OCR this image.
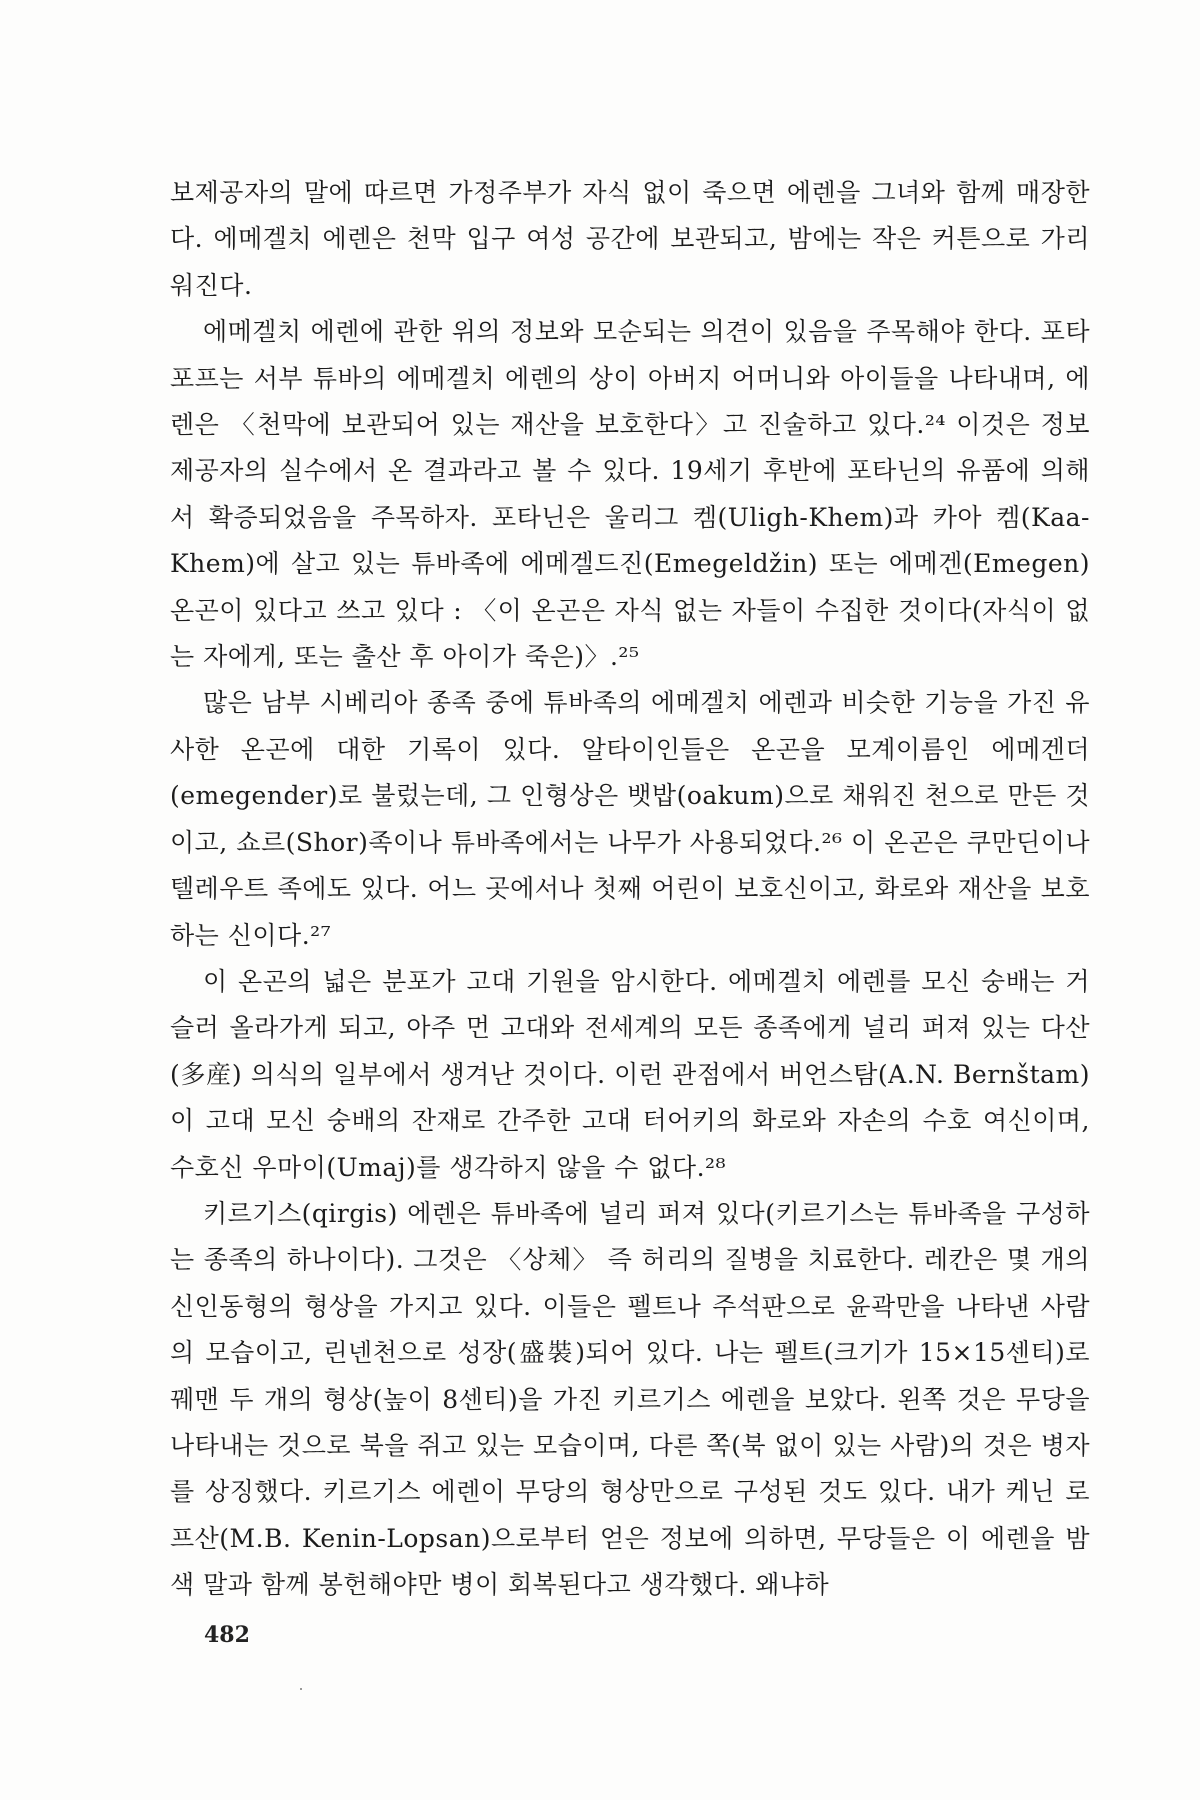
보제공자의 말에 따르면 가정주부가 자식 없이 죽으면 에렌을 그녀와 함께 매장한다. 에메겔치 에렌은 천막 입구 여성 공간에 보관되고, 밤에는 작은 커튼으로 가리워진다.

에메겔치 에렌에 관한 위의 정보와 모순되는 의견이 있음을 주목해야 한다. 포타포프는 서부 튜바의 에메겔치 에렌의 상이 아버지 어머니와 아이들을 나타내며, 에렌은 〈천막에 보관되어 있는 재산을 보호한다〉고 진술하고 있다.²⁴ 이것은 정보제공자의 실수에서 온 결과라고 볼 수 있다. 19세기 후반에 포타닌의 유품에 의해서 확증되었음을 주목하자. 포타닌은 울리그 켐(Uligh-Khem)과 카아 켐(Kaa-Khem)에 살고 있는 튜바족에 에메겔드진(Emegeldžin) 또는 에메겐(Emegen) 온곤이 있다고 쓰고 있다 : 〈이 온곤은 자식 없는 자들이 수집한 것이다(자식이 없는 자에게, 또는 출산 후 아이가 죽은)〉.²⁵

많은 남부 시베리아 종족 중에 튜바족의 에메겔치 에렌과 비슷한 기능을 가진 유사한 온곤에 대한 기록이 있다. 알타이인들은 온곤을 모계이름인 에메겐더(emegender)로 불렀는데, 그 인형상은 뱃밥(oakum)으로 채워진 천으로 만든 것이고, 쇼르(Shor)족이나 튜바족에서는 나무가 사용되었다.²⁶ 이 온곤은 쿠만딘이나 텔레우트 족에도 있다. 어느 곳에서나 첫째 어린이 보호신이고, 화로와 재산을 보호하는 신이다.²⁷

이 온곤의 넓은 분포가 고대 기원을 암시한다. 에메겔치 에렌를 모신 숭배는 거슬러 올라가게 되고, 아주 먼 고대와 전세계의 모든 종족에게 널리 퍼져 있는 다산(多産) 의식의 일부에서 생겨난 것이다. 이런 관점에서 버언스탐(A.N. Bernštam)이 고대 모신 숭배의 잔재로 간주한 고대 터어키의 화로와 자손의 수호 여신이며, 수호신 우마이(Umaj)를 생각하지 않을 수 없다.²⁸

키르기스(qirgis) 에렌은 튜바족에 널리 퍼져 있다(키르기스는 튜바족을 구성하는 종족의 하나이다). 그것은 〈상체〉 즉 허리의 질병을 치료한다. 레칸은 몇 개의 신인동형의 형상을 가지고 있다. 이들은 펠트나 주석판으로 윤곽만을 나타낸 사람의 모습이고, 린넨천으로 성장(盛裝)되어 있다. 나는 펠트(크기가 15×15센티)로 꿰맨 두 개의 형상(높이 8센티)을 가진 키르기스 에렌을 보았다. 왼쪽 것은 무당을 나타내는 것으로 북을 쥐고 있는 모습이며, 다른 쪽(북 없이 있는 사람)의 것은 병자를 상징했다. 키르기스 에렌이 무당의 형상만으로 구성된 것도 있다. 내가 케닌 로프산(M.B. Kenin-Lopsan)으로부터 얻은 정보에 의하면, 무당들은 이 에렌을 밤색 말과 함께 봉헌해야만 병이 회복된다고 생각했다. 왜냐하

482
